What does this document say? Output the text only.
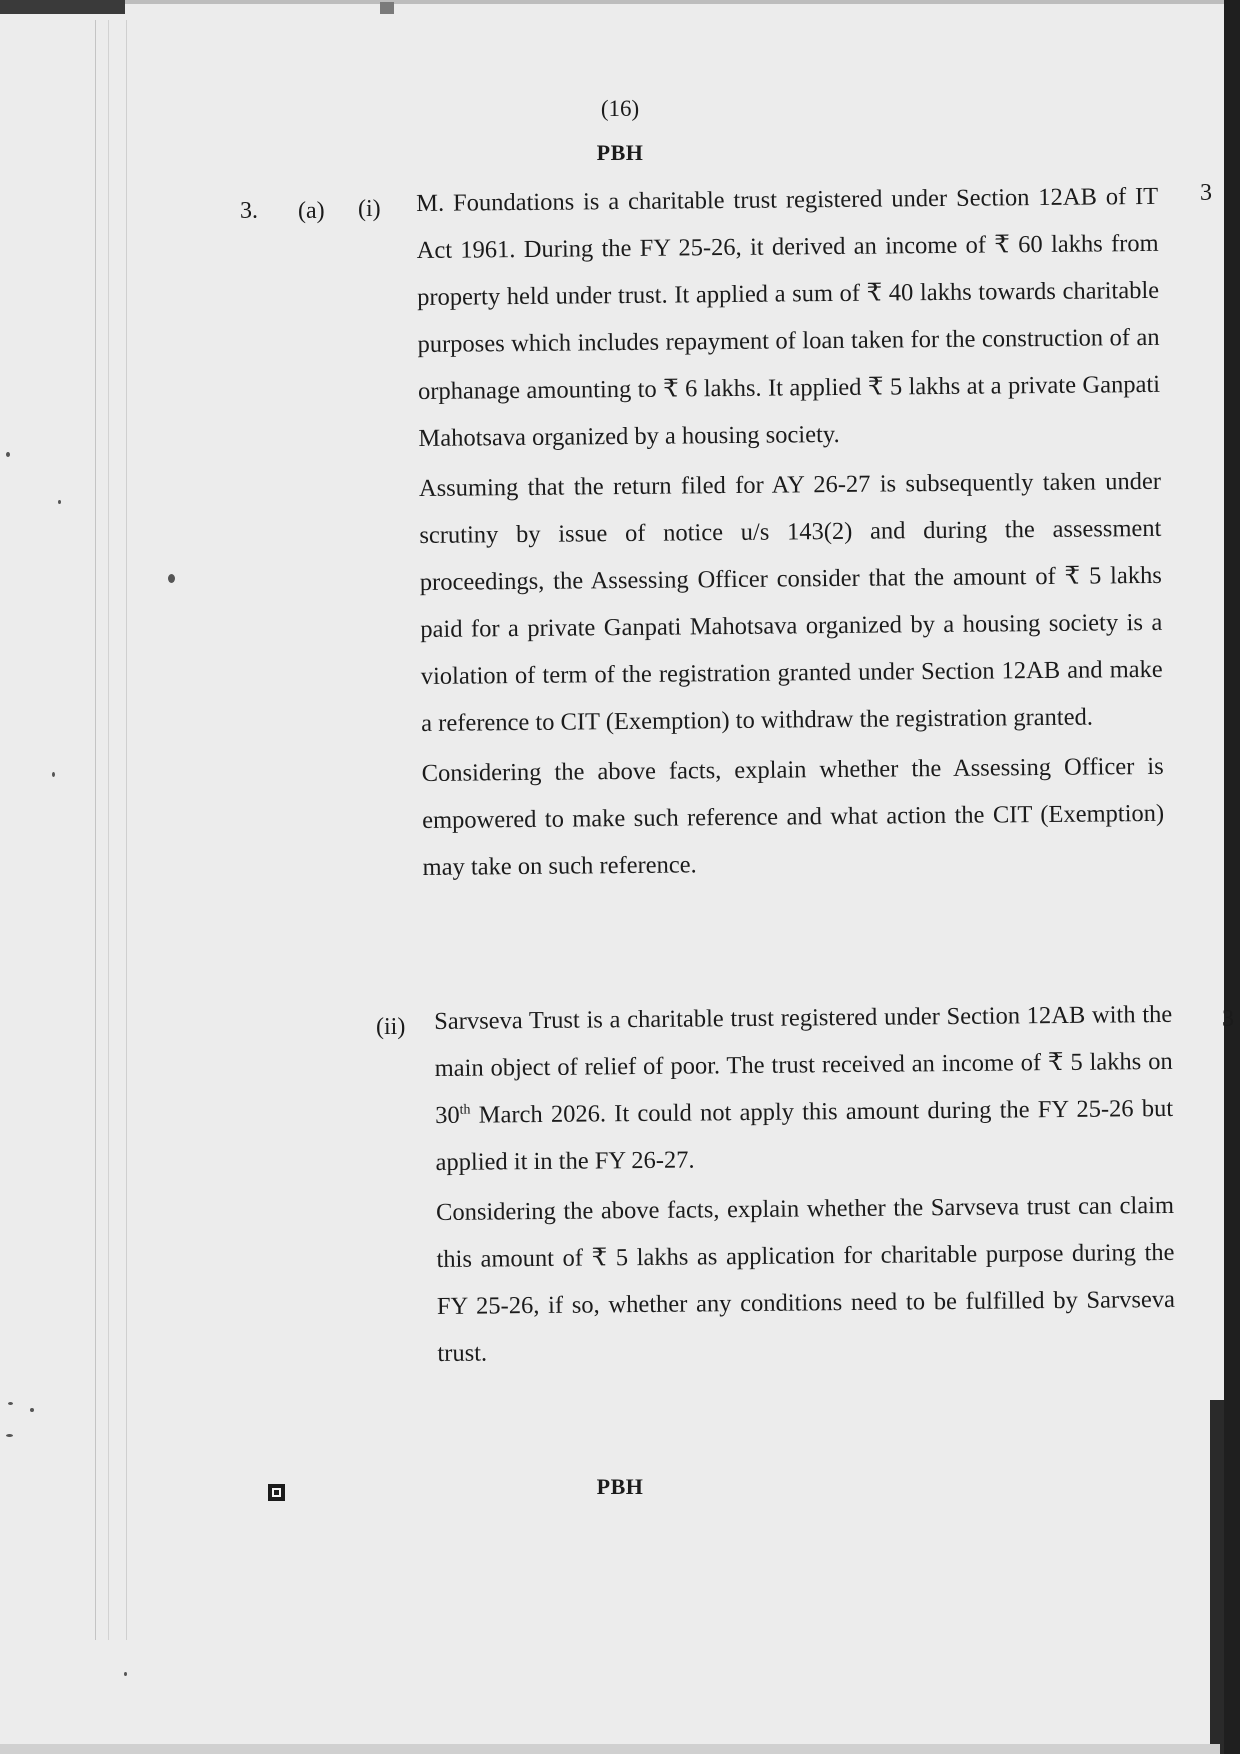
(16)
PBH
3. (a) (i)
3

M. Foundations is a charitable trust registered under Section 12AB of IT Act 1961. During the FY 25-26, it derived an income of ₹ 60 lakhs from property held under trust. It applied a sum of ₹ 40 lakhs towards charitable purposes which includes repayment of loan taken for the construction of an orphanage amounting to ₹ 6 lakhs. It applied ₹ 5 lakhs at a private Ganpati Mahotsava organized by a housing society.

Assuming that the return filed for AY 26-27 is subsequently taken under scrutiny by issue of notice u/s 143(2) and during the assessment proceedings, the Assessing Officer consider that the amount of ₹ 5 lakhs paid for a private Ganpati Mahotsava organized by a housing society is a violation of term of the registration granted under Section 12AB and make a reference to CIT (Exemption) to withdraw the registration granted.

Considering the above facts, explain whether the Assessing Officer is empowered to make such reference and what action the CIT (Exemption) may take on such reference.

(ii)	3

Sarvseva Trust is a charitable trust registered under Section 12AB with the main object of relief of poor. The trust received an income of ₹ 5 lakhs on 30th March 2026. It could not apply this amount during the FY 25-26 but applied it in the FY 26-27.

Considering the above facts, explain whether the Sarvseva trust can claim this amount of ₹ 5 lakhs as application for charitable purpose during the FY 25-26, if so, whether any conditions need to be fulfilled by Sarvseva trust.

PBH
